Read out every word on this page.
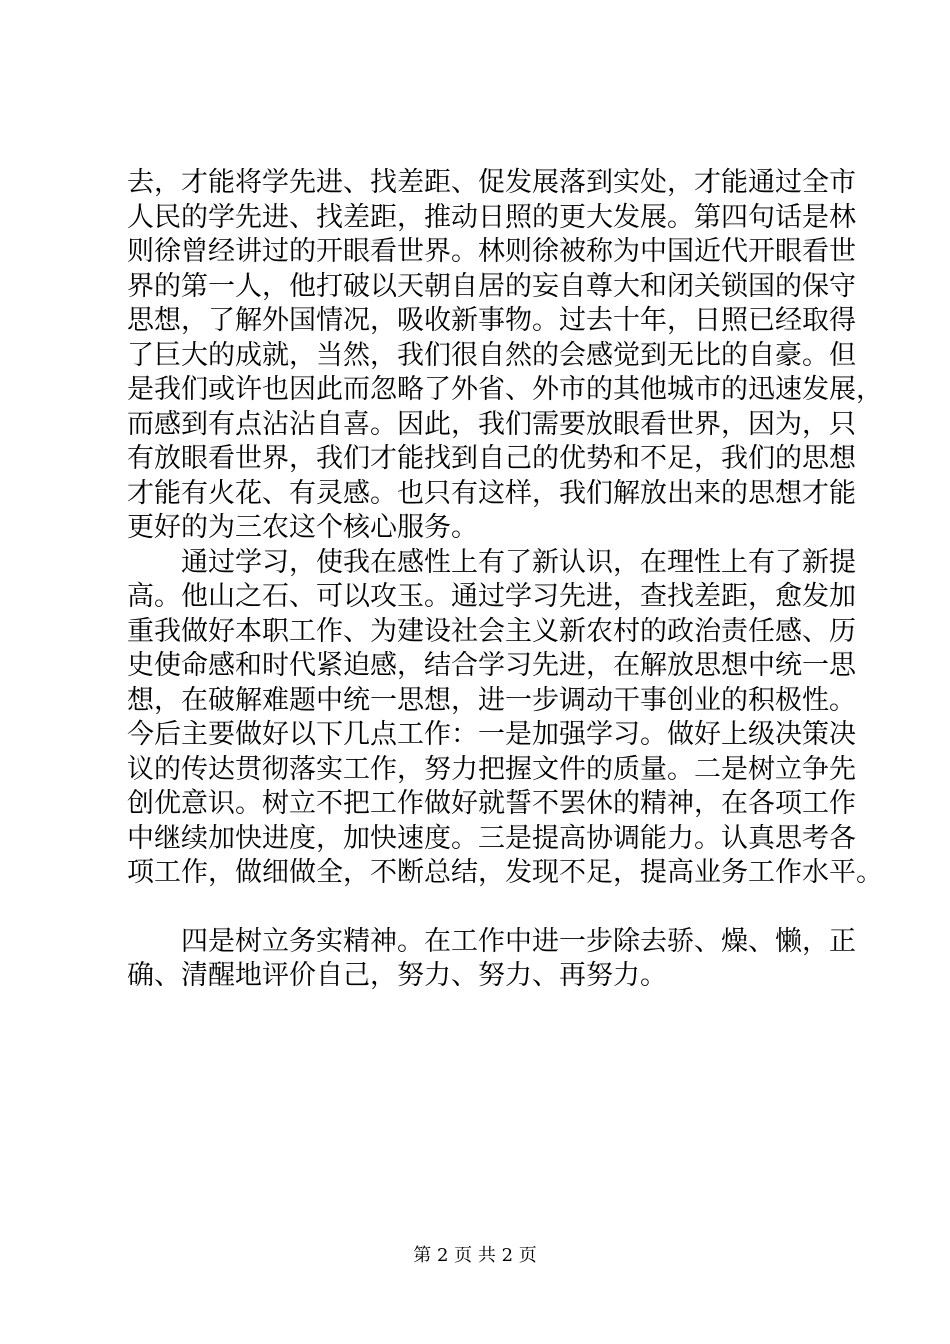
去，才能将学先进、找差距、促发展落到实处，才能通过全市
人民的学先进、找差距，推动日照的更大发展。第四句话是林
则徐曾经讲过的开眼看世界。林则徐被称为中国近代开眼看世
界的第一人，他打破以天朝自居的妄自尊大和闭关锁国的保守
思想，了解外国情况，吸收新事物。过去十年，日照已经取得
了巨大的成就，当然，我们很自然的会感觉到无比的自豪。但
是我们或许也因此而忽略了外省、外市的其他城市的迅速发展，
而感到有点沾沾自喜。因此，我们需要放眼看世界，因为，只
有放眼看世界，我们才能找到自己的优势和不足，我们的思想
才能有火花、有灵感。也只有这样，我们解放出来的思想才能
更好的为三农这个核心服务。
通过学习，使我在感性上有了新认识，在理性上有了新提
高。他山之石、可以攻玉。通过学习先进，查找差距，愈发加
重我做好本职工作、为建设社会主义新农村的政治责任感、历
史使命感和时代紧迫感，结合学习先进，在解放思想中统一思
想，在破解难题中统一思想，进一步调动干事创业的积极性。
今后主要做好以下几点工作：一是加强学习。做好上级决策决
议的传达贯彻落实工作，努力把握文件的质量。二是树立争先
创优意识。树立不把工作做好就誓不罢休的精神，在各项工作
中继续加快进度，加快速度。三是提高协调能力。认真思考各
项工作，做细做全，不断总结，发现不足，提高业务工作水平。
四是树立务实精神。在工作中进一步除去骄、燥、懒，正
确、清醒地评价自己，努力、努力、再努力。
第 2 页 共 2 页
